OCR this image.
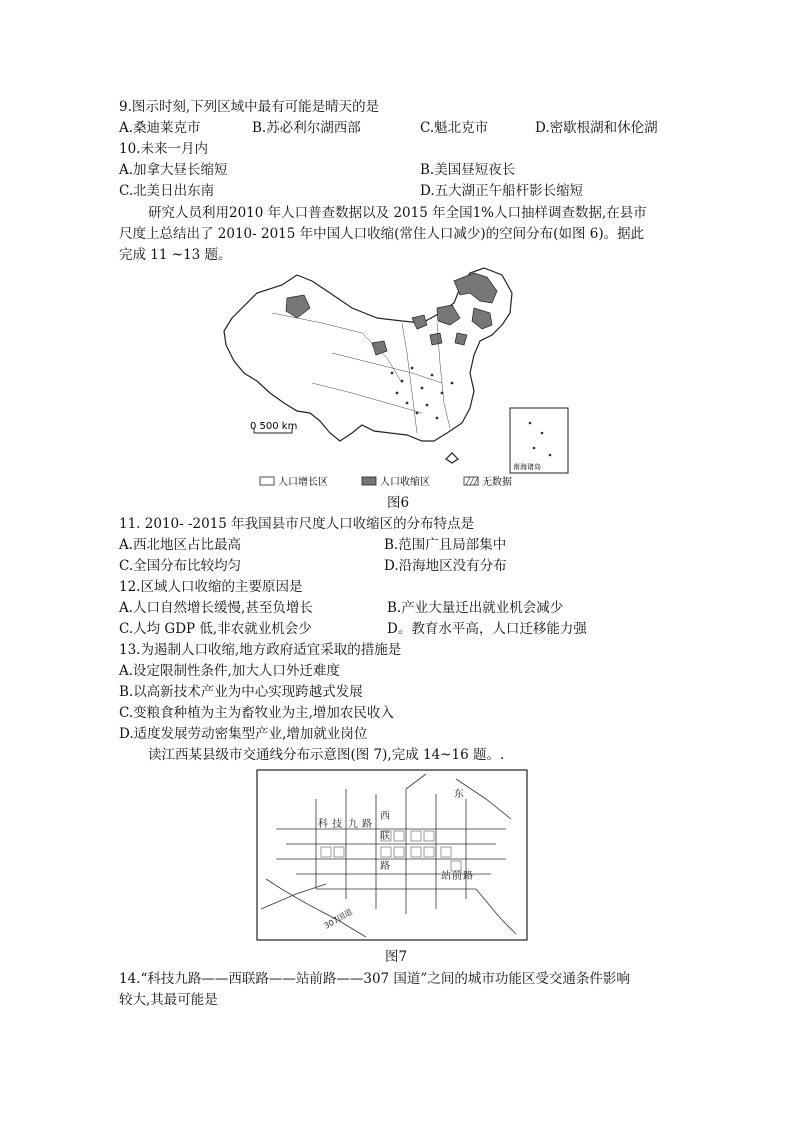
9.图示时刻,下列区域中最有可能是晴天的是
A.桑迪莱克市	B.苏必利尔湖西部	C.魁北克市	D.密歇根湖和休伦湖
10.未来一月内
A.加拿大昼长缩短	B.美国昼短夜长
C.北美日出东南	D.五大湖正午船杆影长缩短
研究人员利用2010 年人口普查数据以及 2015 年全国1%人口抽样调查数据,在县市
尺度上总结出了 2010- 2015 年中国人口收缩(常住人口减少)的空间分布(如图 6)。据此
完成 11 ~13 题。
0 500 km
南海诸岛
人口增长区	人口收缩区	无数据
图6
11. 2010- -2015 年我国县市尺度人口收缩区的分布特点是
A.西北地区占比最高	B.范围广且局部集中
C.全国分布比较均匀	D.沿海地区没有分布
12.区域人口收缩的主要原因是
A.人口自然增长缓慢,甚至负增长	B.产业大量迁出就业机会减少
C.人均 GDP 低,非农就业机会少	D。教育水平高，人口迁移能力强
13.为遏制人口收缩,地方政府适宜采取的措施是
A.设定限制性条件,加大人口外迁难度
B.以高新技术产业为中心实现跨越式发展
C.变粮食种植为主为畜牧业为主,增加农民收入
D.适度发展劳动密集型产业,增加就业岗位
读江西某县级市交通线分布示意图(图 7),完成 14~16 题。.
科 技 九 路
西
联
路
站 前 路
东
307国道
图7
14.“科技九路——西联路——站前路——307 国道”之间的城市功能区受交通条件影响
较大,其最可能是
